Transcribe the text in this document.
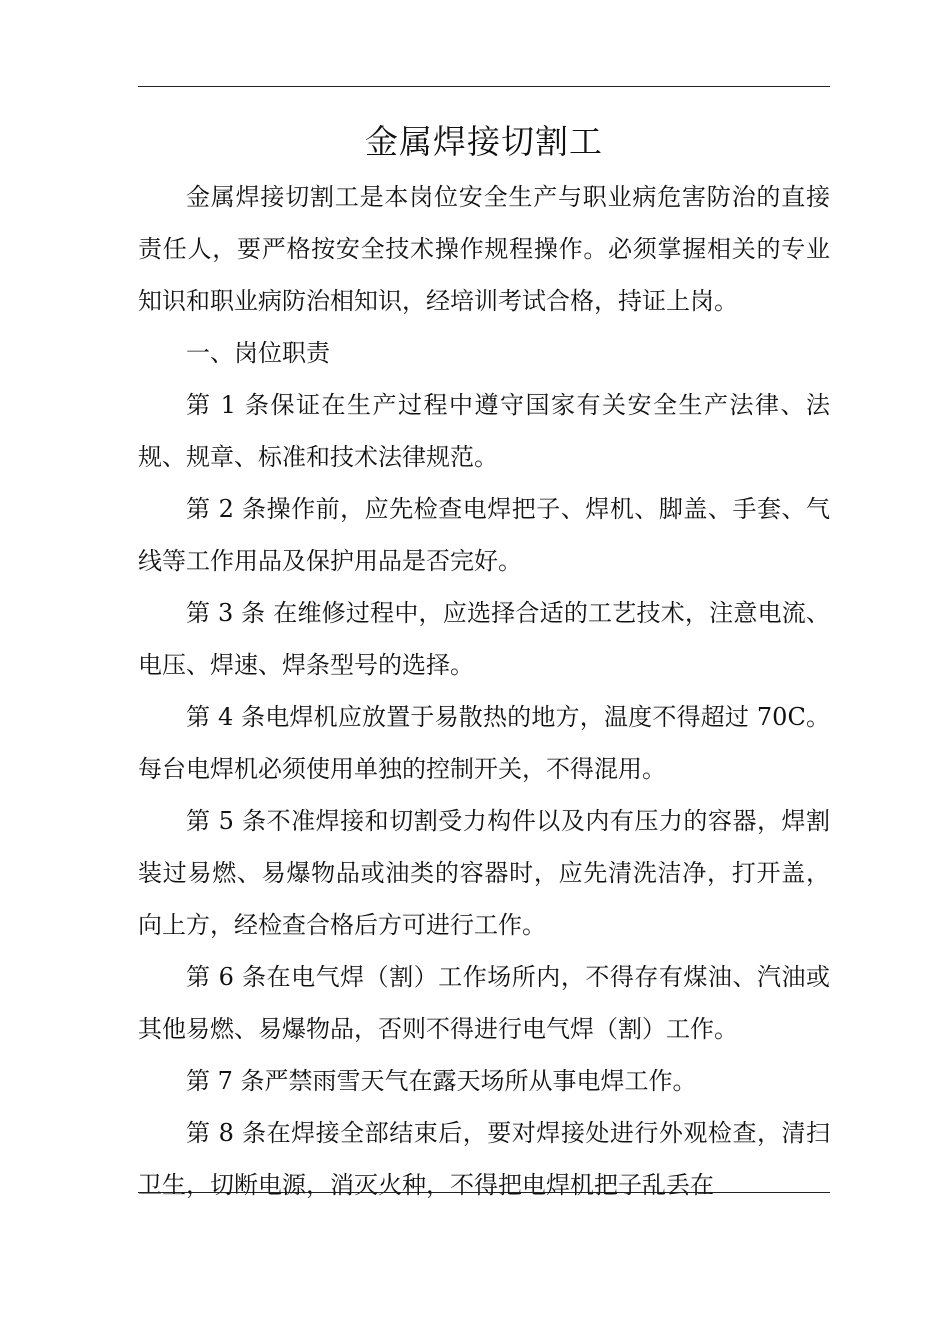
金属焊接切割工

金属焊接切割工是本岗位安全生产与职业病危害防治的直接责任人，要严格按安全技术操作规程操作。必须掌握相关的专业知识和职业病防治相知识，经培训考试合格，持证上岗。

一、岗位职责

第 1 条保证在生产过程中遵守国家有关安全生产法律、法规、规章、标准和技术法律规范。

第 2 条操作前，应先检查电焊把子、焊机、脚盖、手套、气线等工作用品及保护用品是否完好。

第 3 条 在维修过程中，应选择合适的工艺技术，注意电流、电压、焊速、焊条型号的选择。

第 4 条电焊机应放置于易散热的地方，温度不得超过 70C。每台电焊机必须使用单独的控制开关，不得混用。

第 5 条不准焊接和切割受力构件以及内有压力的容器，焊割装过易燃、易爆物品或油类的容器时，应先清洗洁净，打开盖，向上方，经检查合格后方可进行工作。

第 6 条在电气焊（割）工作场所内，不得存有煤油、汽油或其他易燃、易爆物品，否则不得进行电气焊（割）工作。

第 7 条严禁雨雪天气在露天场所从事电焊工作。

第 8 条在焊接全部结束后，要对焊接处进行外观检查，清扫卫生，切断电源，消灭火种，不得把电焊机把子乱丢在
